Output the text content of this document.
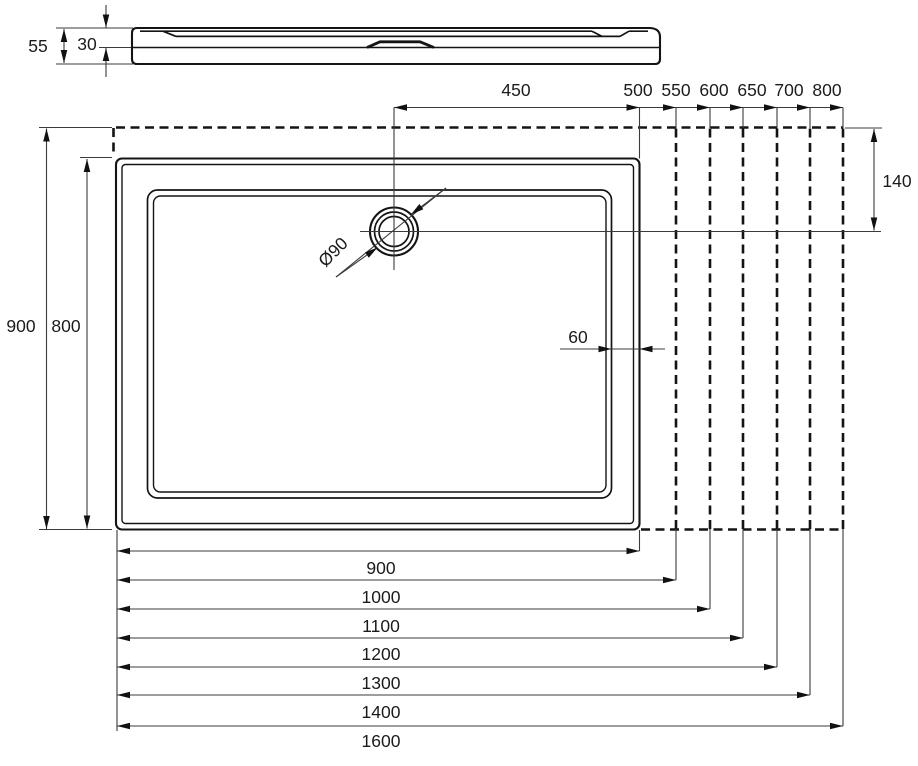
55 30
Ø90
60
450	500 550 600 650 700 800
140
900 800
900
1000
1100
1200
1300
1400
1600
